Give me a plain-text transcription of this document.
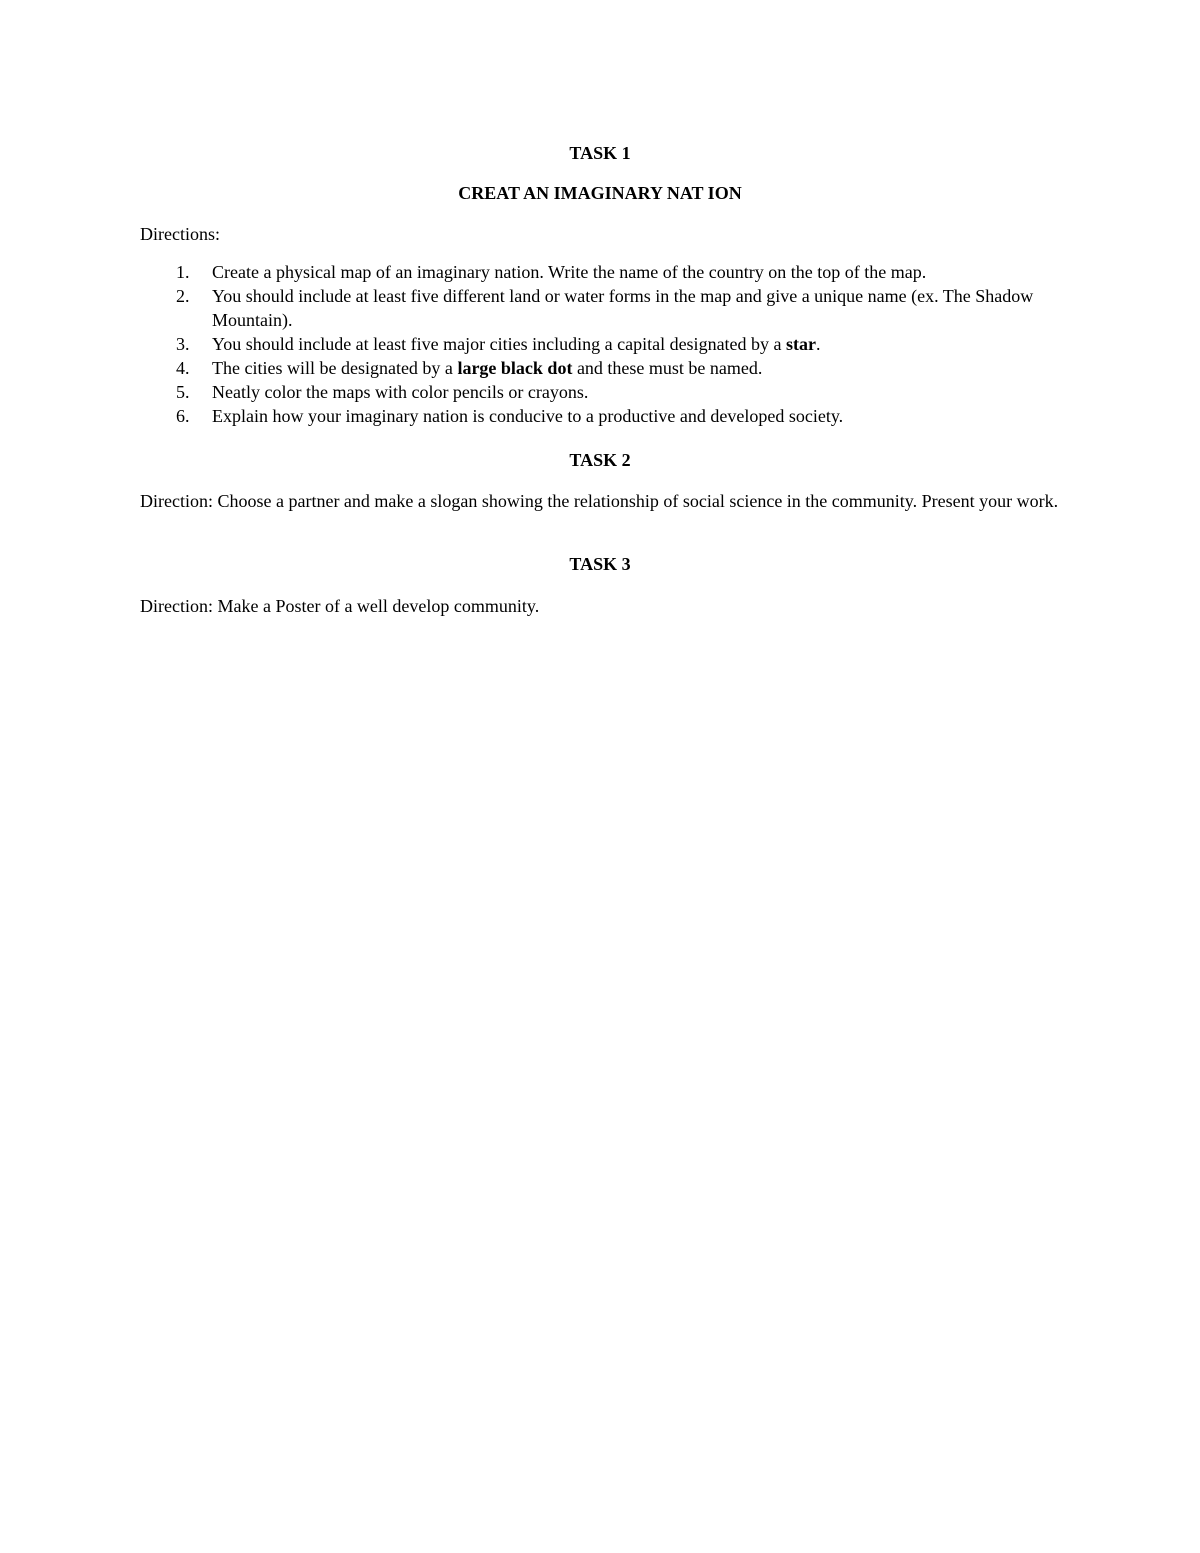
TASK 1
CREAT AN IMAGINARY NAT ION
Directions:
1. Create a physical map of an imaginary nation. Write the name of the country on the top of the map.
2. You should include at least five different land or water forms in the map and give a unique name (ex. The Shadow Mountain).
3. You should include at least five major cities including a capital designated by a star.
4. The cities will be designated by a large black dot and these must be named.
5. Neatly color the maps with color pencils or crayons.
6. Explain how your imaginary nation is conducive to a productive and developed society.
TASK 2
Direction: Choose a partner and make a slogan showing the relationship of social science in the community. Present your work.
TASK 3
Direction: Make a Poster of a well develop community.
